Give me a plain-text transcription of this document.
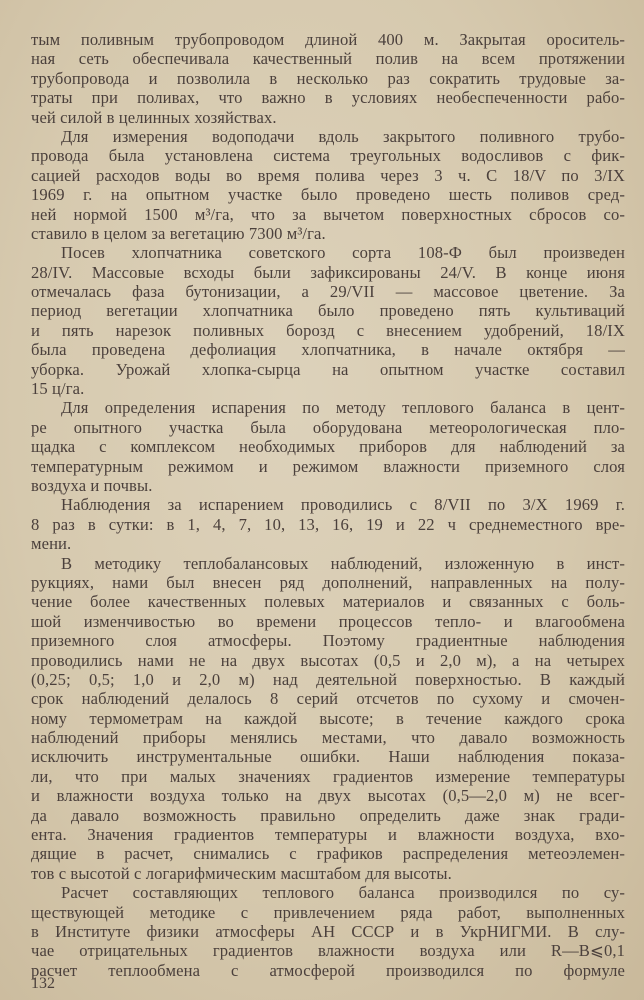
тым поливным трубопроводом длиной 400 м. Закрытая ороситель-
ная сеть обеспечивала качественный полив на всем протяжении
трубопровода и позволила в несколько раз сократить трудовые за-
траты при поливах, что важно в условиях необеспеченности рабо-
чей силой в целинных хозяйствах.
Для измерения водоподачи вдоль закрытого поливного трубо-
провода была установлена система треугольных водосливов с фик-
сацией расходов воды во время полива через 3 ч. С 18/V по 3/IX
1969 г. на опытном участке было проведено шесть поливов сред-
ней нормой 1500 м³/га, что за вычетом поверхностных сбросов со-
ставило в целом за вегетацию 7300 м³/га.
Посев хлопчатника советского сорта 108-Ф был произведен
28/IV. Массовые всходы были зафиксированы 24/V. В конце июня
отмечалась фаза бутонизации, а 29/VII — массовое цветение. За
период вегетации хлопчатника было проведено пять культиваций
и пять нарезок поливных борозд с внесением удобрений, 18/IX
была проведена дефолиация хлопчатника, в начале октября —
уборка. Урожай хлопка-сырца на опытном участке составил
15 ц/га.
Для определения испарения по методу теплового баланса в цент-
ре опытного участка была оборудована метеорологическая пло-
щадка с комплексом необходимых приборов для наблюдений за
температурным режимом и режимом влажности приземного слоя
воздуха и почвы.
Наблюдения за испарением проводились с 8/VII по 3/X 1969 г.
8 раз в сутки: в 1, 4, 7, 10, 13, 16, 19 и 22 ч среднеместного вре-
мени.
В методику теплобалансовых наблюдений, изложенную в инст-
рукциях, нами был внесен ряд дополнений, направленных на полу-
чение более качественных полевых материалов и связанных с боль-
шой изменчивостью во времени процессов тепло- и влагообмена
приземного слоя атмосферы. Поэтому градиентные наблюдения
проводились нами не на двух высотах (0,5 и 2,0 м), а на четырех
(0,25; 0,5; 1,0 и 2,0 м) над деятельной поверхностью. В каждый
срок наблюдений делалось 8 серий отсчетов по сухому и смочен-
ному термометрам на каждой высоте; в течение каждого срока
наблюдений приборы менялись местами, что давало возможность
исключить инструментальные ошибки. Наши наблюдения показа-
ли, что при малых значениях градиентов измерение температуры
и влажности воздуха только на двух высотах (0,5—2,0 м) не всег-
да давало возможность правильно определить даже знак гради-
ента. Значения градиентов температуры и влажности воздуха, вхо-
дящие в расчет, снимались с графиков распределения метеоэлемен-
тов с высотой с логарифмическим масштабом для высоты.
Расчет составляющих теплового баланса производился по су-
ществующей методике с привлечением ряда работ, выполненных
в Институте физики атмосферы АН СССР и в УкрНИГМИ. В слу-
чае отрицательных градиентов влажности воздуха или R—B⩽0,1
расчет теплообмена с атмосферой производился по формуле
132
